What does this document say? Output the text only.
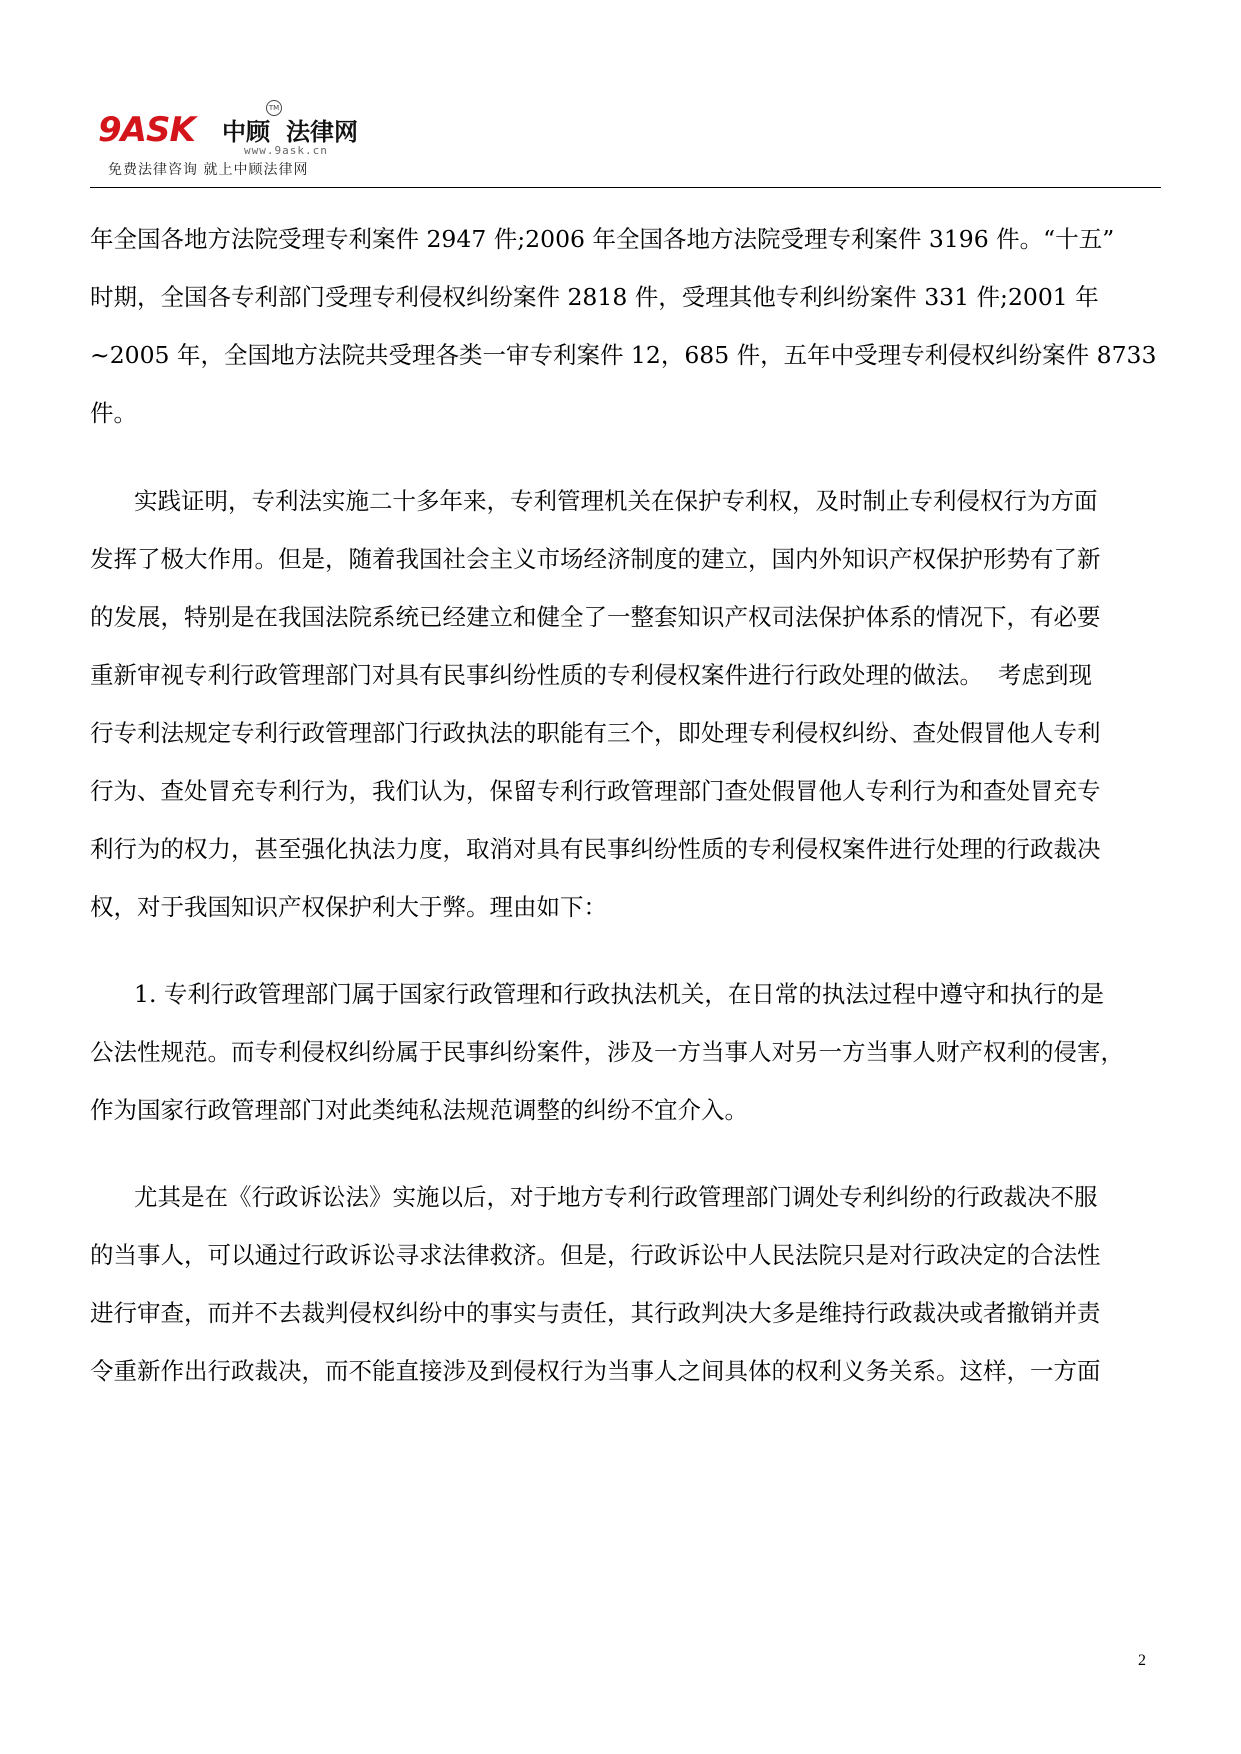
9ASK 中顾
TM
法律网
www.9ask.cn
免费法律咨询 就上中顾法律网
年全国各地方法院受理专利案件 2947 件;2006 年全国各地方法院受理专利案件 3196 件。“十五”
时期，全国各专利部门受理专利侵权纠纷案件 2818 件，受理其他专利纠纷案件 331 件;2001 年
~2005 年，全国地方法院共受理各类一审专利案件 12，685 件，五年中受理专利侵权纠纷案件 8733
件。
实践证明，专利法实施二十多年来，专利管理机关在保护专利权，及时制止专利侵权行为方面
发挥了极大作用。但是，随着我国社会主义市场经济制度的建立，国内外知识产权保护形势有了新
的发展，特别是在我国法院系统已经建立和健全了一整套知识产权司法保护体系的情况下，有必要
重新审视专利行政管理部门对具有民事纠纷性质的专利侵权案件进行行政处理的做法。  考虑到现
行专利法规定专利行政管理部门行政执法的职能有三个，即处理专利侵权纠纷、查处假冒他人专利
行为、查处冒充专利行为，我们认为，保留专利行政管理部门查处假冒他人专利行为和查处冒充专
利行为的权力，甚至强化执法力度，取消对具有民事纠纷性质的专利侵权案件进行处理的行政裁决
权，对于我国知识产权保护利大于弊。理由如下：
1. 专利行政管理部门属于国家行政管理和行政执法机关，在日常的执法过程中遵守和执行的是
公法性规范。而专利侵权纠纷属于民事纠纷案件，涉及一方当事人对另一方当事人财产权利的侵害，
作为国家行政管理部门对此类纯私法规范调整的纠纷不宜介入。
尤其是在《行政诉讼法》实施以后，对于地方专利行政管理部门调处专利纠纷的行政裁决不服
的当事人，可以通过行政诉讼寻求法律救济。但是，行政诉讼中人民法院只是对行政决定的合法性
进行审查，而并不去裁判侵权纠纷中的事实与责任，其行政判决大多是维持行政裁决或者撤销并责
令重新作出行政裁决，而不能直接涉及到侵权行为当事人之间具体的权利义务关系。这样，一方面
2
